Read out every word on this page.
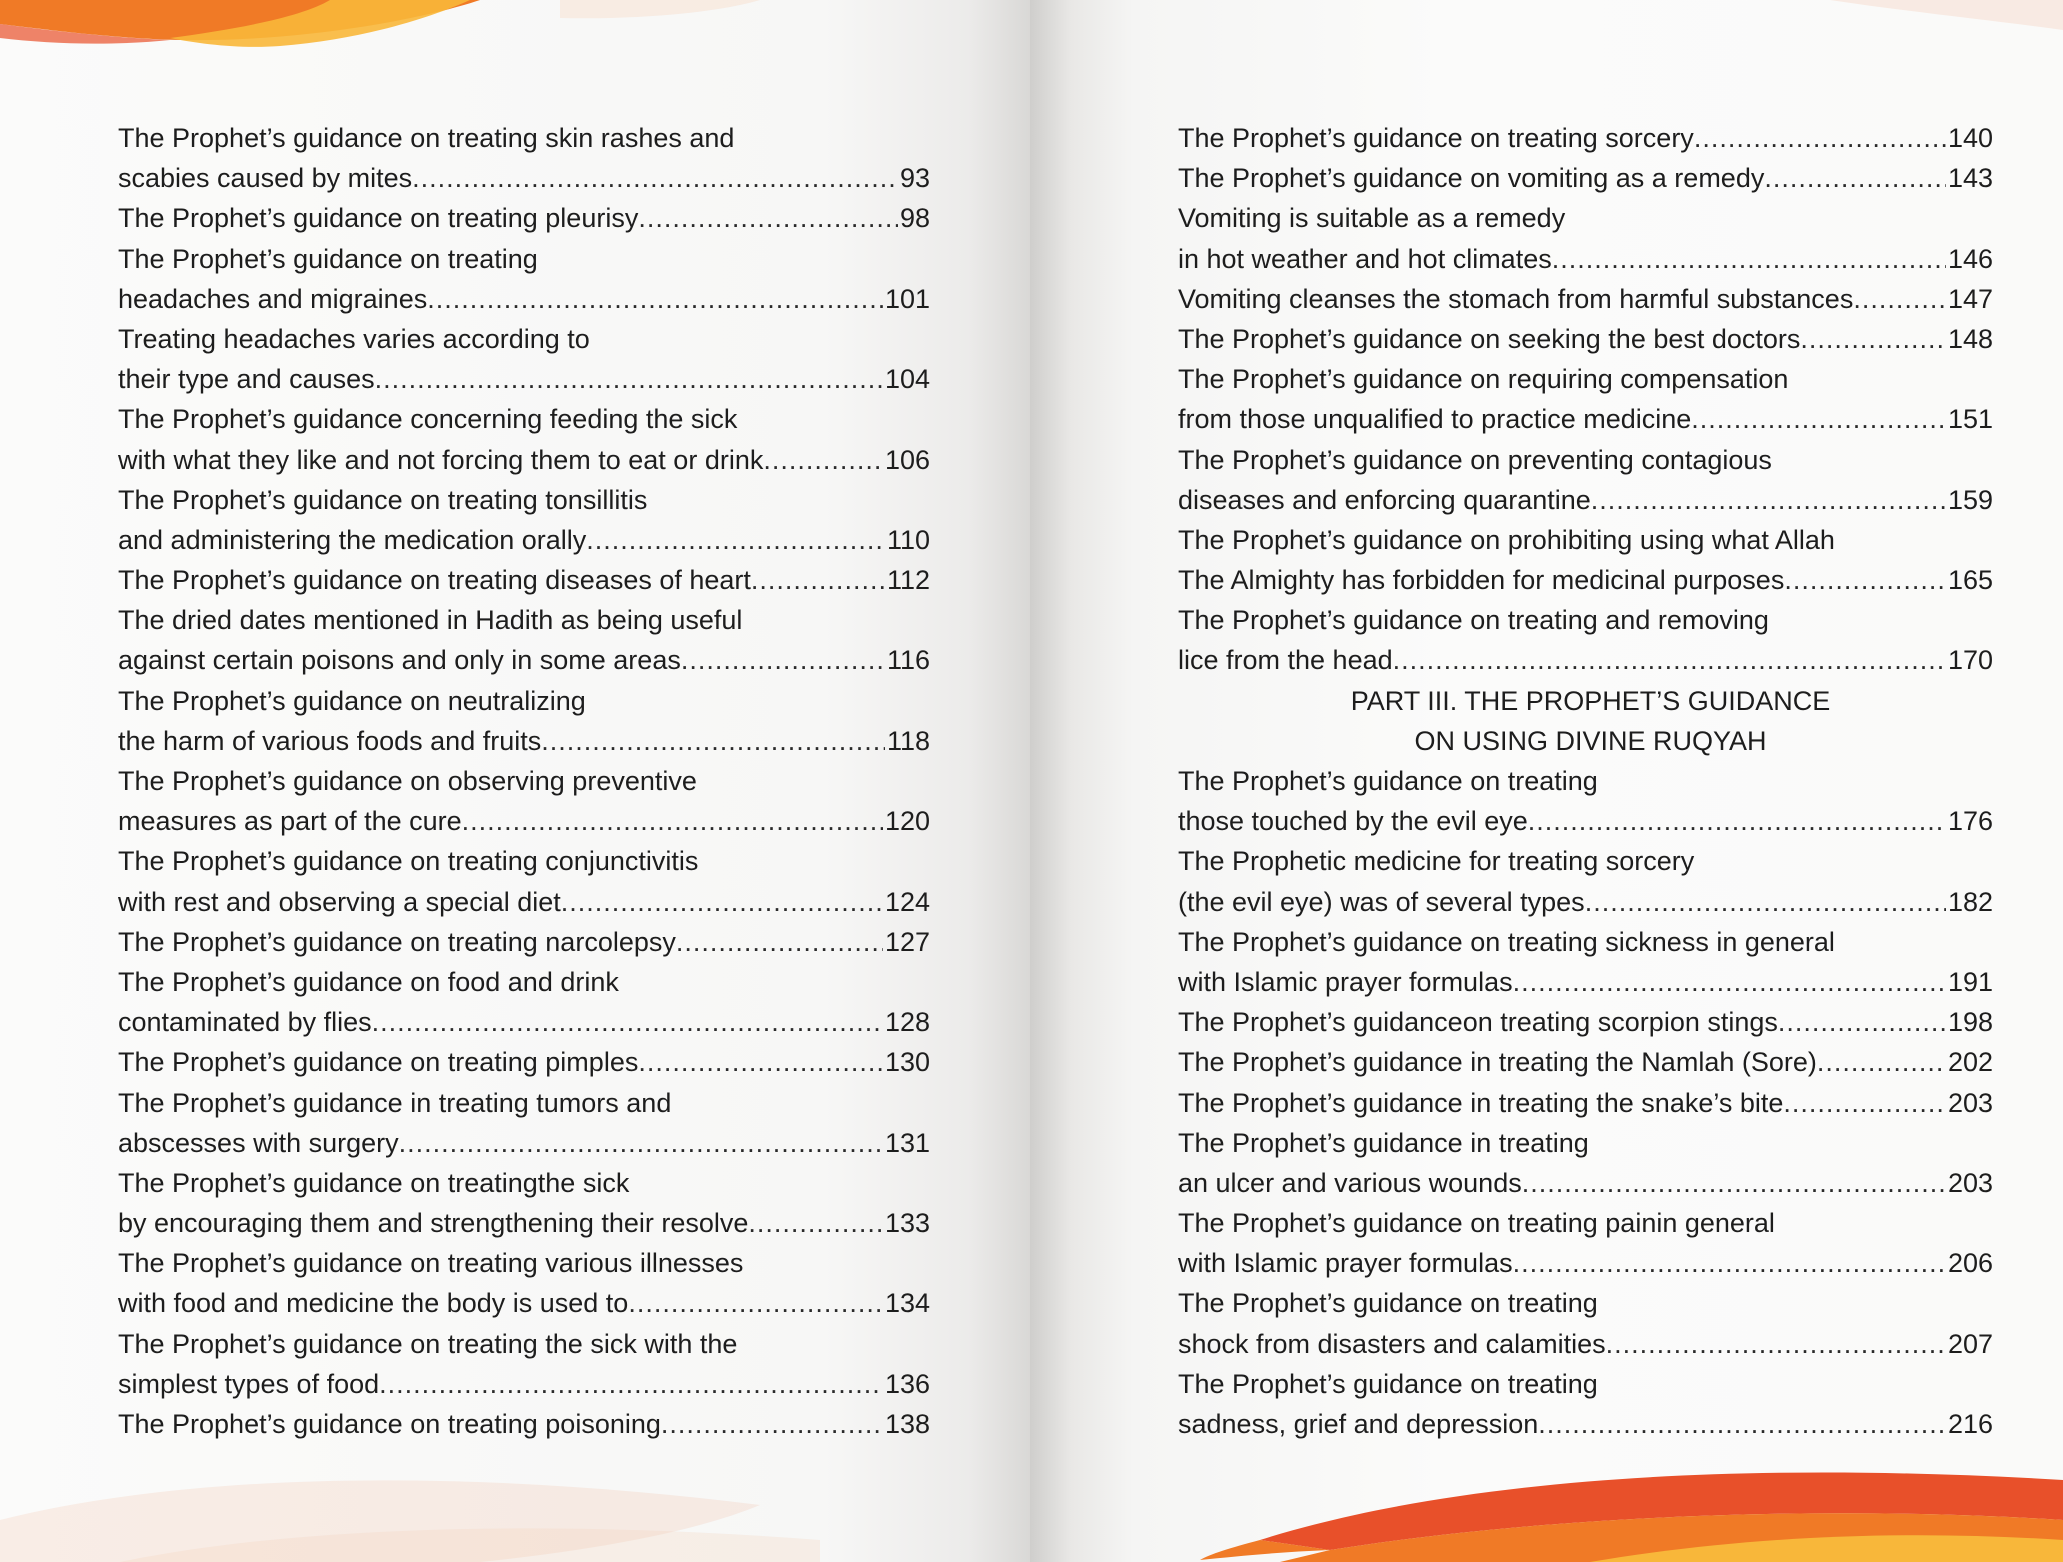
The Prophet’s guidance on treating skin rashes and
scabies caused by mites .....	93
The Prophet’s guidance on treating pleurisy .....	98
The Prophet’s guidance on treating
headaches and migraines .....	101
Treating headaches varies according to
their type and causes .....	104
The Prophet’s guidance concerning feeding the sick
with what they like and not forcing them to eat or drink .....	106
The Prophet’s guidance on treating tonsillitis
and administering the medication orally .....	110
The Prophet’s guidance on treating diseases of heart .....	112
The dried dates mentioned in Hadith as being useful
against certain poisons and only in some areas .....	116
The Prophet’s guidance on neutralizing
the harm of various foods and fruits .....	118
The Prophet’s guidance on observing preventive
measures as part of the cure .....	120
The Prophet’s guidance on treating conjunctivitis
with rest and observing a special diet .....	124
The Prophet’s guidance on treating narcolepsy .....	127
The Prophet’s guidance on food and drink
contaminated by flies .....	128
The Prophet’s guidance on treating pimples .....	130
The Prophet’s guidance in treating tumors and
abscesses with surgery .....	131
The Prophet’s guidance on treatingthe sick
by encouraging them and strengthening their resolve .....	133
The Prophet’s guidance on treating various illnesses
with food and medicine the body is used to .....	134
The Prophet’s guidance on treating the sick with the
simplest types of food .....	136
The Prophet’s guidance on treating poisoning .....	138
The Prophet’s guidance on treating sorcery .....	140
The Prophet’s guidance on vomiting as a remedy .....	143
Vomiting is suitable as a remedy
in hot weather and hot climates .....	146
Vomiting cleanses the stomach from harmful substances .....	147
The Prophet’s guidance on seeking the best doctors .....	148
The Prophet’s guidance on requiring compensation
from those unqualified to practice medicine .....	151
The Prophet’s guidance on preventing contagious
diseases and enforcing quarantine .....	159
The Prophet’s guidance on prohibiting using what Allah
The Almighty has forbidden for medicinal purposes .....	165
The Prophet’s guidance on treating and removing
lice from the head .....	170
PART III. THE PROPHET’S GUIDANCE
ON USING DIVINE RUQYAH
The Prophet’s guidance on treating
those touched by the evil eye .....	176
The Prophetic medicine for treating sorcery
(the evil eye) was of several types .....	182
The Prophet’s guidance on treating sickness in general
with Islamic prayer formulas .....	191
The Prophet’s guidanceon treating scorpion stings .....	198
The Prophet’s guidance in treating the Namlah (Sore) .....	202
The Prophet’s guidance in treating the snake’s bite .....	203
The Prophet’s guidance in treating
an ulcer and various wounds .....	203
The Prophet’s guidance on treating painin general
with Islamic prayer formulas .....	206
The Prophet’s guidance on treating
shock from disasters and calamities .....	207
The Prophet’s guidance on treating
sadness, grief and depression .....	216
